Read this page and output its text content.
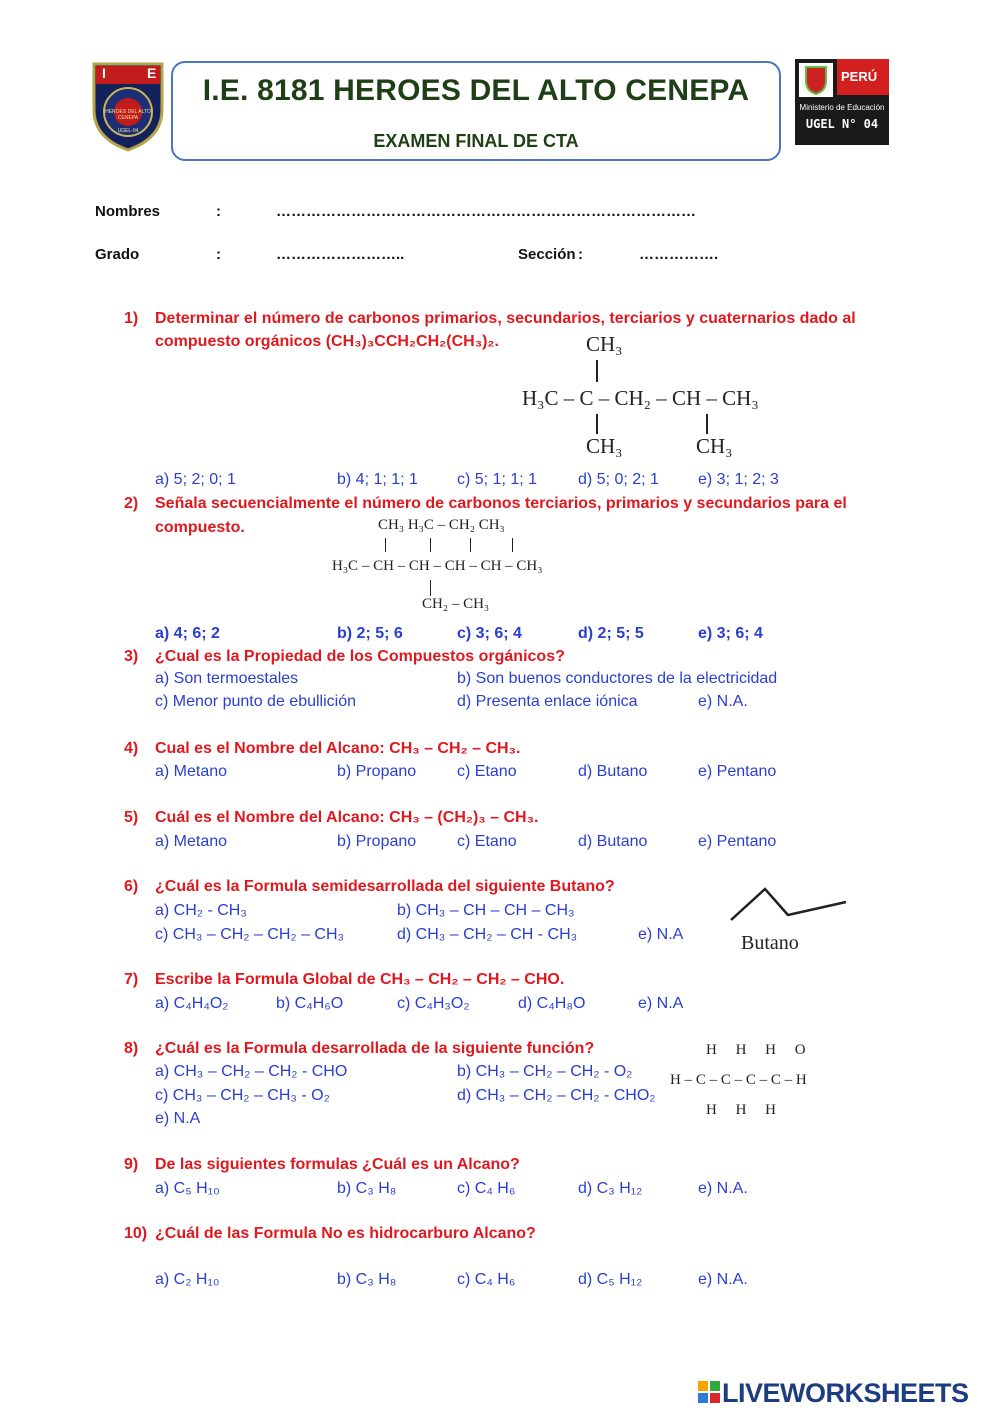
I	E
HEROES DEL ALTO CENEPA
UGEL-04
I.E. 8181 HEROES DEL ALTO CENEPA
EXAMEN FINAL DE CTA
PERÚ
Ministerio de Educación
UGEL N° 04
Nombres	:	…………………………………………………………………………
Grado	:	……………………..	Sección :	…………….
1) Determinar el número de carbonos primarios, secundarios, terciarios y cuaternarios dado al
compuesto orgánicos (CH₃)₃CCH₂CH₂(CH₃)₂.	CH₃
H₃C – C – CH₂ – CH – CH₃
CH₃	CH₃
a) 5; 2; 0; 1	b) 4; 1; 1; 1 c) 5; 1; 1; 1	d) 5; 0; 2; 1 e) 3; 1; 2; 3
2) Señala secuencialmente el número de carbonos terciarios, primarios y secundarios para el
compuesto.	CH₃ H₃C – CH₂ CH₃
H₃C – CH – CH – CH – CH – CH₃
CH₂ – CH₃
a) 4; 6; 2	b) 2; 5; 6	c) 3; 6; 4	d) 2; 5; 5	e) 3; 6; 4
3) ¿Cual es la Propiedad de los Compuestos orgánicos?
a) Son termoestales	b) Son buenos conductores de la electricidad
c) Menor punto de ebullición	d) Presenta enlace iónica	e) N.A.
4) Cual es el Nombre del Alcano: CH₃ – CH₂ – CH₃.
a) Metano	b) Propano	c) Etano	d) Butano	e) Pentano
5) Cuál es el Nombre del Alcano: CH₃ – (CH₂)₃ – CH₃.
a) Metano	b) Propano	c) Etano	d) Butano	e) Pentano
6) ¿Cuál es la Formula semidesarrollada del siguiente Butano?
a) CH₂ - CH₃	b) CH₃ – CH – CH – CH₃
c) CH₃ – CH₂ – CH₂ – CH₃	d) CH₃ – CH₂ – CH - CH₃	e) N.A	Butano
7) Escribe la Formula Global de CH₃ – CH₂ – CH₂ – CHO.
a) C₄H₄O₂	b) C₄H₆O	c) C₄H₃O₂	d) C₄H₈O	e) N.A
8) ¿Cuál es la Formula desarrollada de la siguiente función?
a) CH₃ – CH₂ – CH₂ - CHO	b) CH₃ – CH₂ – CH₂ - O₂
c) CH₃ – CH₂ – CH₃ - O₂	d) CH₃ – CH₂ – CH₂ - CHO₂
e) N.A
H     H     H     O
H – C – C – C – C – H
H     H     H
9) De las siguientes formulas ¿Cuál es un Alcano?
a) C₅ H₁₀	b) C₃ H₈	c) C₄ H₆	d) C₃ H₁₂	e) N.A.
10) ¿Cuál de las Formula No es hidrocarburo Alcano?
a) C₂ H₁₀	b) C₃ H₈	c) C₄ H₆	d) C₅ H₁₂	e) N.A.
LIVEWORKSHEETS
